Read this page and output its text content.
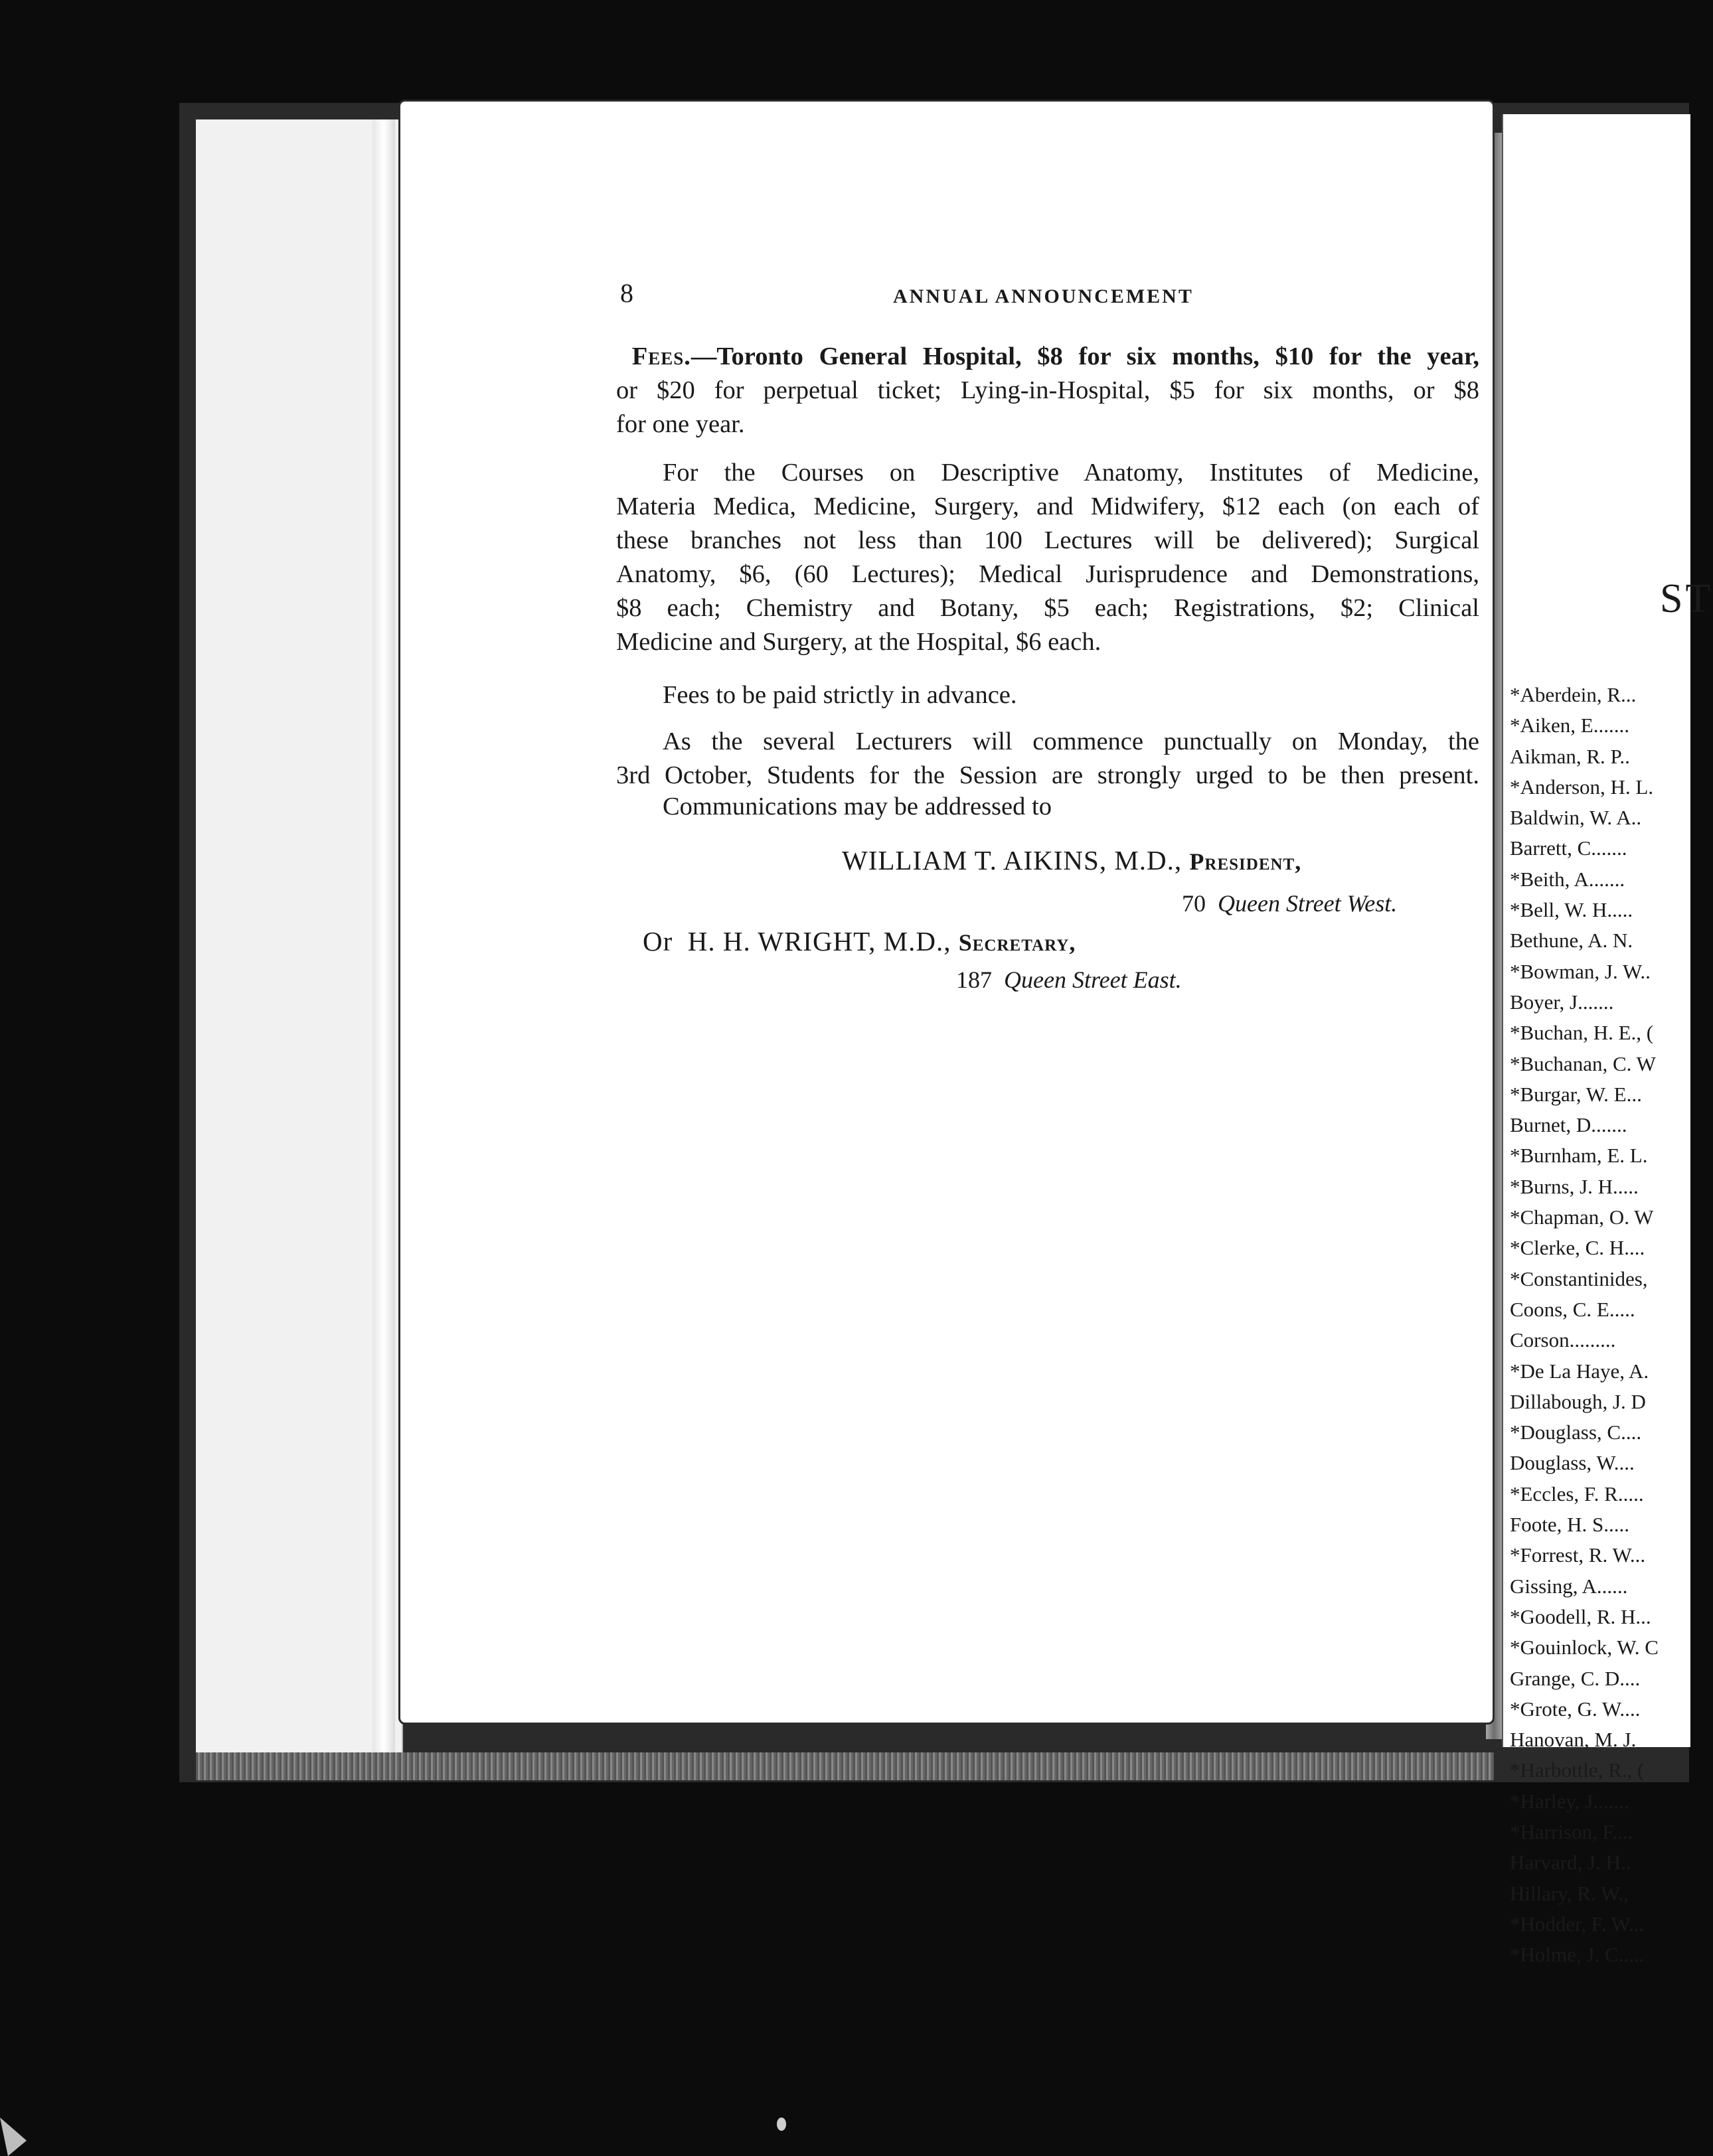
8	ANNUAL ANNOUNCEMENT
Fees.—Toronto General Hospital, $8 for six months, $10 for the year,
or $20 for perpetual ticket; Lying-in-Hospital, $5 for six months, or $8
for one year.
For the Courses on Descriptive Anatomy, Institutes of Medicine,
Materia Medica, Medicine, Surgery, and Midwifery, $12 each (on each of
these branches not less than 100 Lectures will be delivered); Surgical
Anatomy, $6, (60 Lectures); Medical Jurisprudence and Demonstrations,
$8 each; Chemistry and Botany, $5 each; Registrations, $2; Clinical
Medicine and Surgery, at the Hospital, $6 each.
Fees to be paid strictly in advance.
As the several Lecturers will commence punctually on Monday, the
3rd October, Students for the Session are strongly urged to be then present.
Communications may be addressed to
WILLIAM T. AIKINS, M.D., President,
70 Queen Street West.
Or H. H. WRIGHT, M.D., Secretary,
187 Queen Street East.
ST
*Aberdein, R...
*Aiken, E.......
Aikman, R. P..
*Anderson, H. L.
Baldwin, W. A..
Barrett, C.......
*Beith, A.......
*Bell, W. H.....
Bethune, A. N.
*Bowman, J. W..
Boyer, J.......
*Buchan, H. E., (
*Buchanan, C. W
*Burgar, W. E...
Burnet, D.......
*Burnham, E. L.
*Burns, J. H.....
*Chapman, O. W
*Clerke, C. H....
*Constantinides,
Coons, C. E.....
Corson.........
*De La Haye, A.
Dillabough, J. D
*Douglass, C....
Douglass, W....
*Eccles, F. R.....
Foote, H. S.....
*Forrest, R. W...
Gissing, A......
*Goodell, R. H...
*Gouinlock, W. C
Grange, C. D....
*Grote, G. W....
Hanovan, M. J.
*Harbottle, R., (
*Harley, J.......
*Harrison, F....
Harvard, J. H..
Hillary, R. W.,
*Hodder, F. W...
*Holme, J. C.....
